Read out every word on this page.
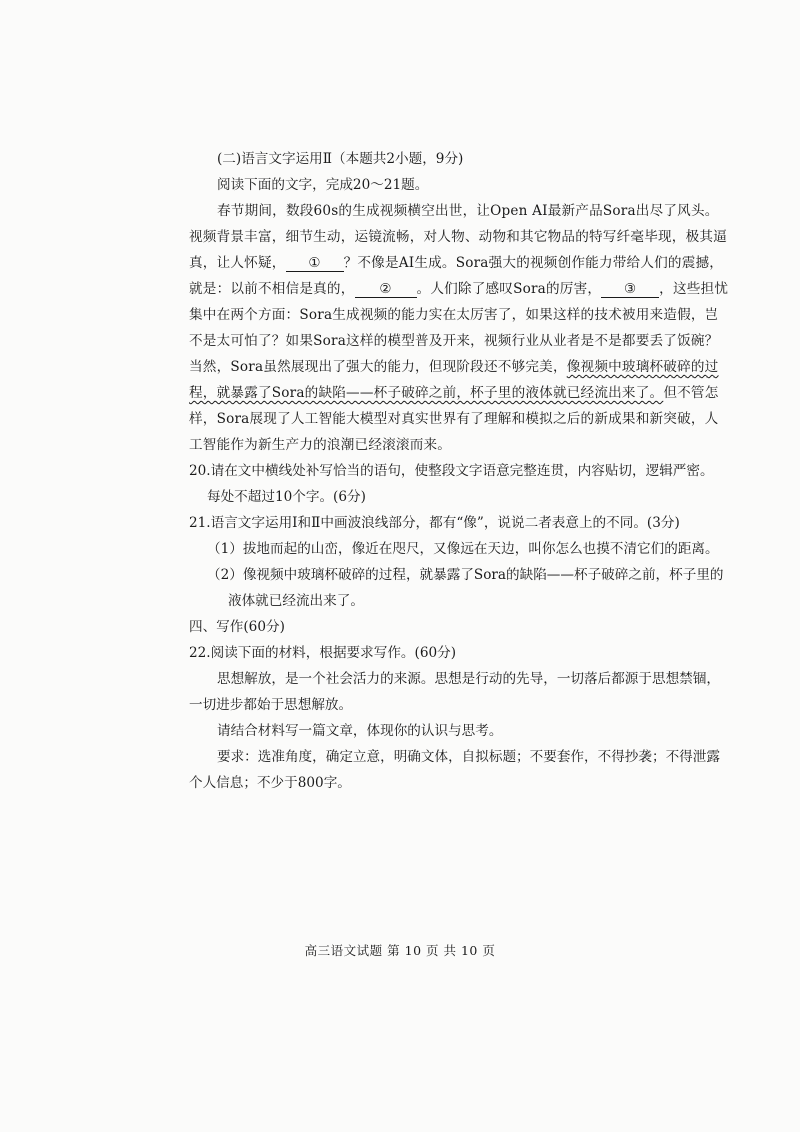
(二)语言文字运用Ⅱ（本题共2小题，9分)
阅读下面的文字，完成20～21题。
春节期间，数段60s的生成视频横空出世，让Open AI最新产品Sora出尽了风头。
视频背景丰富，细节生动，运镜流畅，对人物、动物和其它物品的特写纤毫毕现，极其逼
真，让人怀疑， ① ？不像是AI生成。Sora强大的视频创作能力带给人们的震撼，
就是：以前不相信是真的， ② 。人们除了感叹Sora的厉害， ③ ，这些担忧
集中在两个方面：Sora生成视频的能力实在太厉害了，如果这样的技术被用来造假，岂
不是太可怕了？如果Sora这样的模型普及开来，视频行业从业者是不是都要丢了饭碗？
当然，Sora虽然展现出了强大的能力，但现阶段还不够完美，像视频中玻璃杯破碎的过
程，就暴露了Sora的缺陷——杯子破碎之前，杯子里的液体就已经流出来了。但不管怎
样，Sora展现了人工智能大模型对真实世界有了理解和模拟之后的新成果和新突破，人
工智能作为新生产力的浪潮已经滚滚而来。
20.请在文中横线处补写恰当的语句，使整段文字语意完整连贯，内容贴切，逻辑严密。
每处不超过10个字。(6分)
21.语言文字运用Ⅰ和Ⅱ中画波浪线部分，都有“像”，说说二者表意上的不同。(3分)
（1）拔地而起的山峦，像近在咫尺，又像远在天边，叫你怎么也摸不清它们的距离。
（2）像视频中玻璃杯破碎的过程，就暴露了Sora的缺陷——杯子破碎之前，杯子里的
液体就已经流出来了。
四、写作(60分)
22.阅读下面的材料，根据要求写作。(60分)
思想解放，是一个社会活力的来源。思想是行动的先导，一切落后都源于思想禁锢，
一切进步都始于思想解放。
请结合材料写一篇文章，体现你的认识与思考。
要求：选准角度，确定立意，明确文体，自拟标题；不要套作，不得抄袭；不得泄露
个人信息；不少于800字。
高三语文试题 第 10 页 共 10 页
